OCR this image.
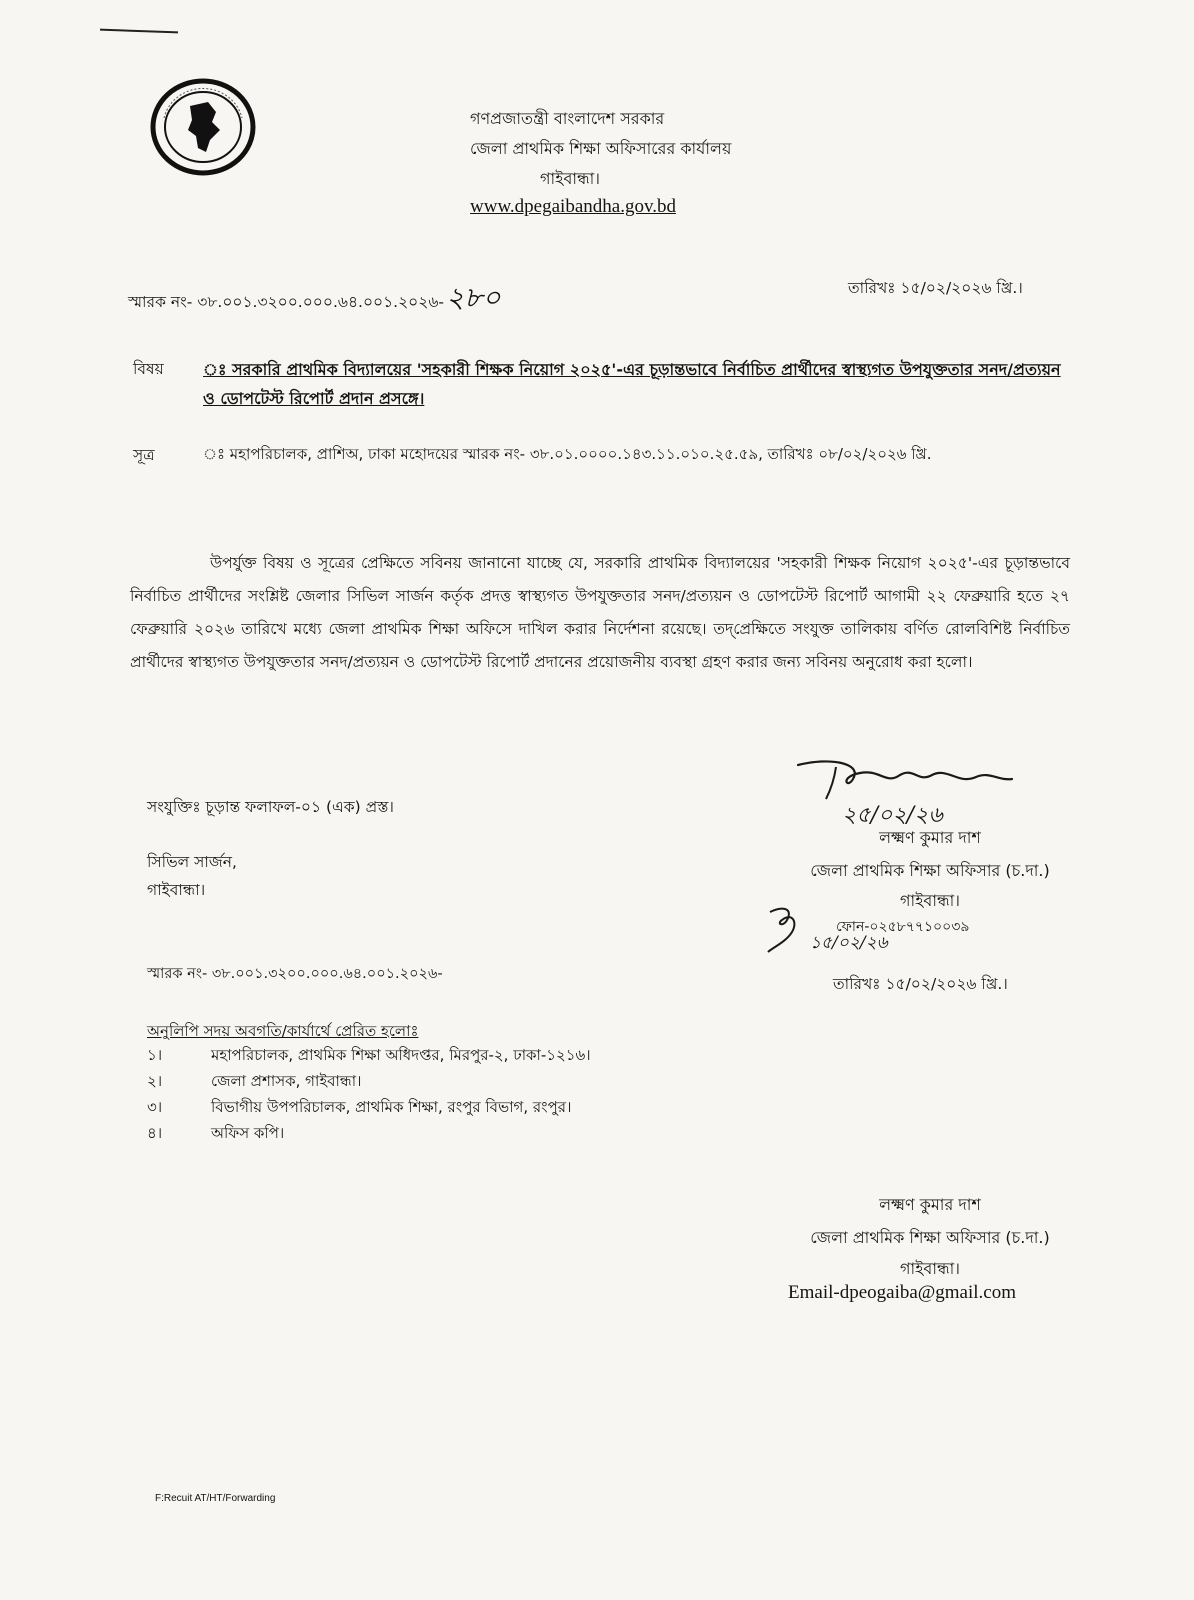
গণপ্রজাতন্ত্রী বাংলাদেশ সরকার
জেলা প্রাথমিক শিক্ষা অফিসারের কার্যালয়
গাইবান্ধা।
www.dpegaibandha.gov.bd
স্মারক নং- ৩৮.০০১.৩২০০.০০০.৬৪.০০১.২০২৬-২৮০	তারিখঃ ১৫/০২/২০২৬ খ্রি.।
বিষয় ঃ সরকারি প্রাথমিক বিদ্যালয়ের 'সহকারী শিক্ষক নিয়োগ ২০২৫'-এর চূড়ান্তভাবে নির্বাচিত প্রার্থীদের স্বাস্থ্যগত উপযুক্ততার সনদ/প্রত্যয়ন ও ডোপটেস্ট রিপোর্ট প্রদান প্রসঙ্গে।
সূত্র	ঃ মহাপরিচালক, প্রাশিঅ, ঢাকা মহোদয়ের স্মারক নং- ৩৮.০১.০০০০.১৪৩.১১.০১০.২৫.৫৯, তারিখঃ ০৮/০২/২০২৬ খ্রি.
উপর্যুক্ত বিষয় ও সূত্রের প্রেক্ষিতে সবিনয় জানানো যাচ্ছে যে, সরকারি প্রাথমিক বিদ্যালয়ের 'সহকারী শিক্ষক নিয়োগ ২০২৫'-এর চূড়ান্তভাবে নির্বাচিত প্রার্থীদের সংশ্লিষ্ট জেলার সিভিল সার্জন কর্তৃক প্রদত্ত স্বাস্থ্যগত উপযুক্ততার সনদ/প্রত্যয়ন ও ডোপটেস্ট রিপোর্ট আগামী ২২ ফেব্রুয়ারি হতে ২৭ ফেব্রুয়ারি ২০২৬ তারিখে মধ্যে জেলা প্রাথমিক শিক্ষা অফিসে দাখিল করার নির্দেশনা রয়েছে। তদ্‌প্রেক্ষিতে সংযুক্ত তালিকায় বর্ণিত রোলবিশিষ্ট নির্বাচিত প্রার্থীদের স্বাস্থ্যগত উপযুক্ততার সনদ/প্রত্যয়ন ও ডোপটেস্ট রিপোর্ট প্রদানের প্রয়োজনীয় ব্যবস্থা গ্রহণ করার জন্য সবিনয় অনুরোধ করা হলো।
সংযুক্তিঃ চূড়ান্ত ফলাফল-০১ (এক) প্রস্ত।
সিভিল সার্জন,
গাইবান্ধা।
২৫/০২/২৬
লক্ষ্মণ কুমার দাশ
জেলা প্রাথমিক শিক্ষা অফিসার (চ.দা.)
গাইবান্ধা।
ফোন-০২৫৮৭৭১০০৩৯
১৫/০২/২৬
স্মারক নং- ৩৮.০০১.৩২০০.০০০.৬৪.০০১.২০২৬-
তারিখঃ ১৫/০২/২০২৬ খ্রি.।
অনুলিপি সদয় অবগতি/কার্যার্থে প্রেরিত হলোঃ
১।	মহাপরিচালক, প্রাথমিক শিক্ষা অধিদপ্তর, মিরপুর-২, ঢাকা-১২১৬।
২।	জেলা প্রশাসক, গাইবান্ধা।
৩।	বিভাগীয় উপপরিচালক, প্রাথমিক শিক্ষা, রংপুর বিভাগ, রংপুর।
৪।	অফিস কপি।
লক্ষ্মণ কুমার দাশ
জেলা প্রাথমিক শিক্ষা অফিসার (চ.দা.)
গাইবান্ধা।
Email-dpeogaiba@gmail.com
F:Recuit AT/HT/Forwarding
